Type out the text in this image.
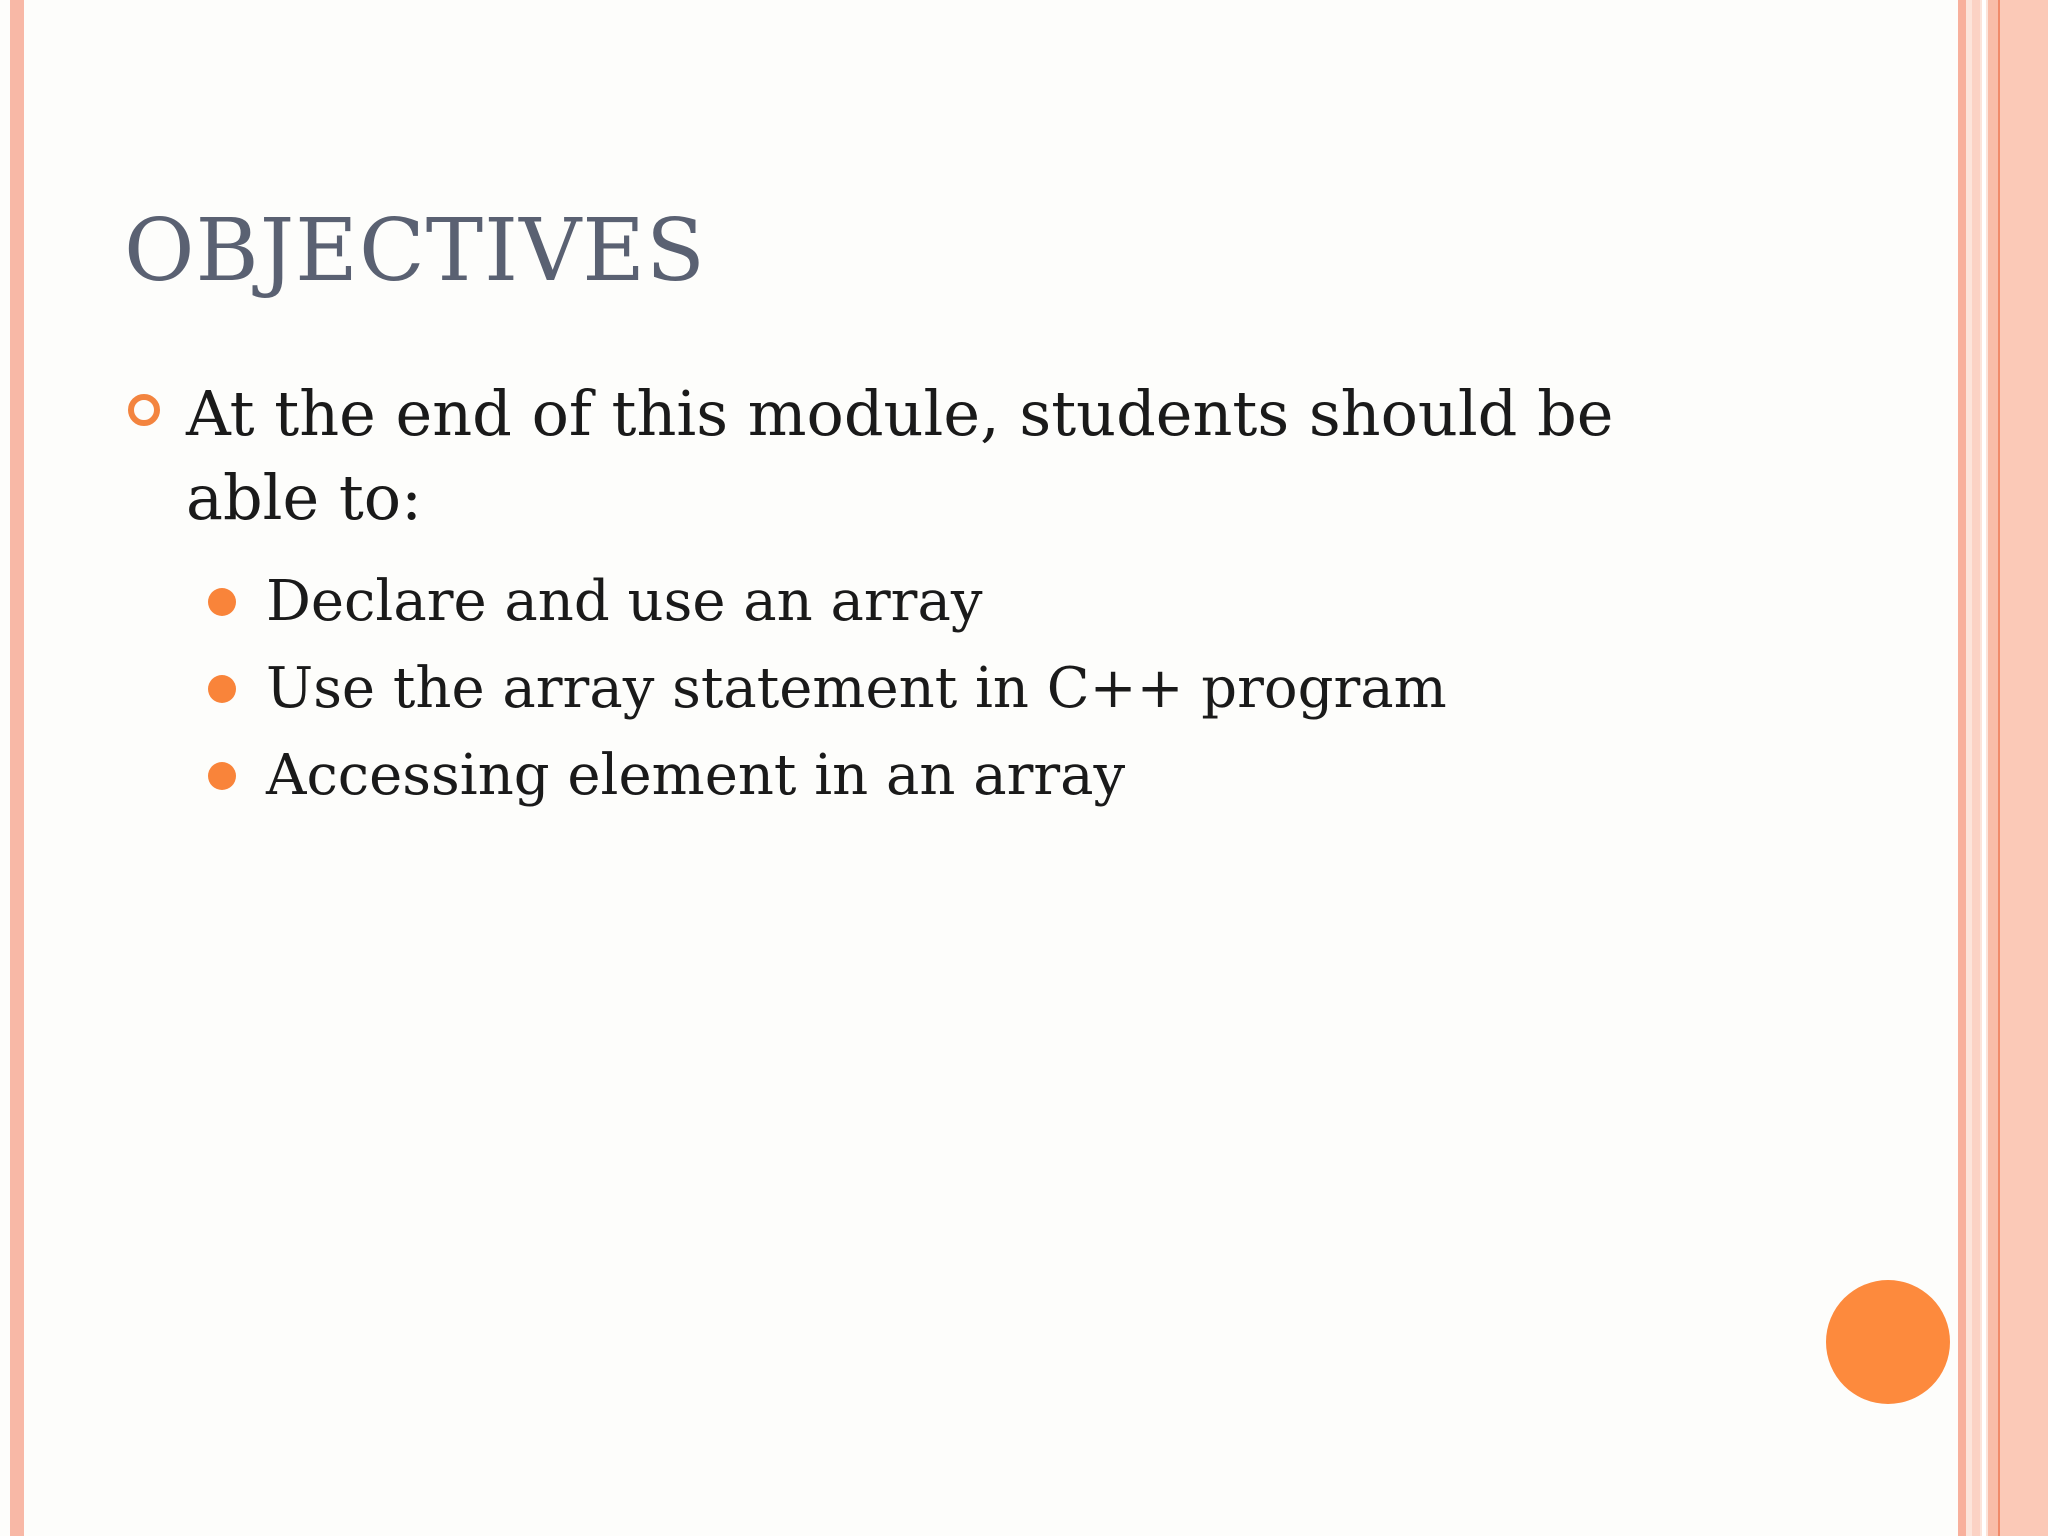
OBJECTIVES
At the end of this module, students should be able to:
Declare and use an array
Use the array statement in C++ program
Accessing element in an array
